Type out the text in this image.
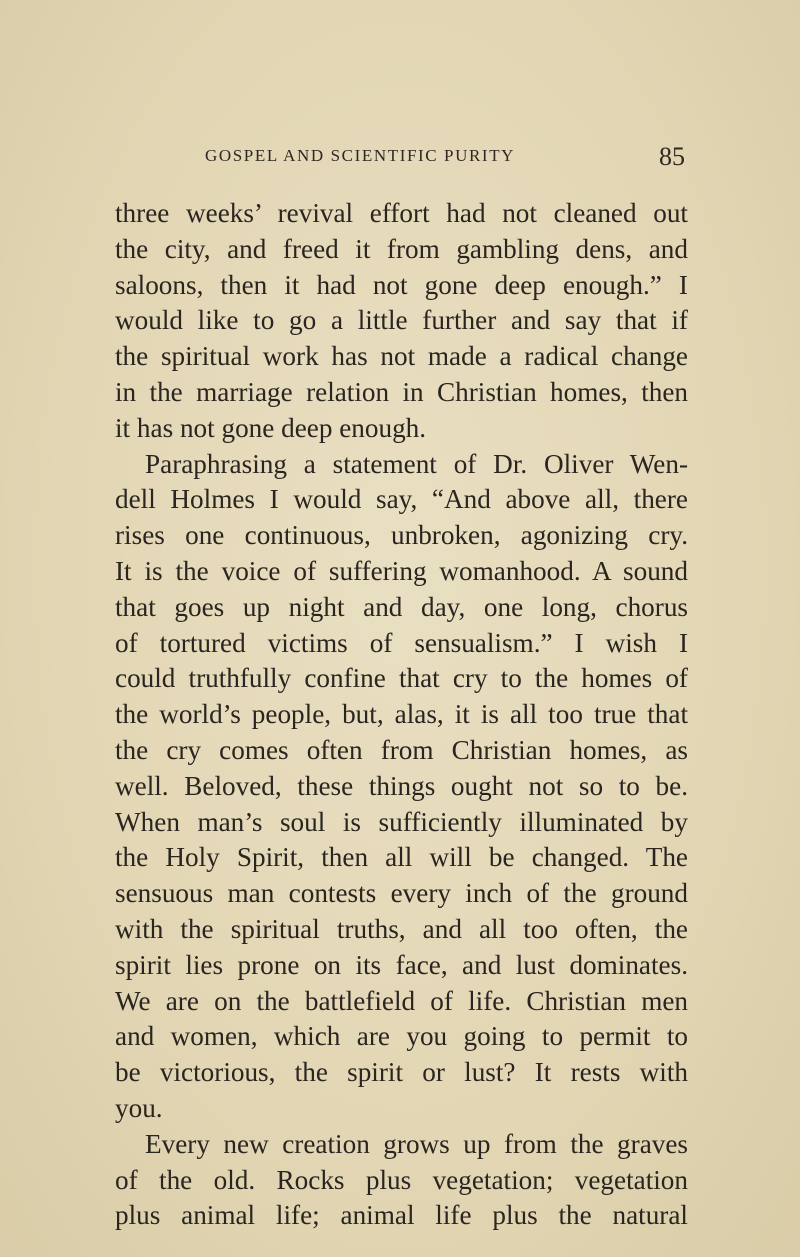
GOSPEL AND SCIENTIFIC PURITY	85
three weeks’ revival effort had not cleaned out
the city, and freed it from gambling dens, and
saloons, then it had not gone deep enough.” I
would like to go a little further and say that if
the spiritual work has not made a radical change
in the marriage relation in Christian homes, then
it has not gone deep enough.
Paraphrasing a statement of Dr. Oliver Wen-
dell Holmes I would say, “And above all, there
rises one continuous, unbroken, agonizing cry.
It is the voice of suffering womanhood. A sound
that goes up night and day, one long, chorus
of tortured victims of sensualism.” I wish I
could truthfully confine that cry to the homes of
the world’s people, but, alas, it is all too true that
the cry comes often from Christian homes, as
well. Beloved, these things ought not so to be.
When man’s soul is sufficiently illuminated by
the Holy Spirit, then all will be changed. The
sensuous man contests every inch of the ground
with the spiritual truths, and all too often, the
spirit lies prone on its face, and lust dominates.
We are on the battlefield of life. Christian men
and women, which are you going to permit to
be victorious, the spirit or lust? It rests with
you.
Every new creation grows up from the graves
of the old. Rocks plus vegetation; vegetation
plus animal life; animal life plus the natural
